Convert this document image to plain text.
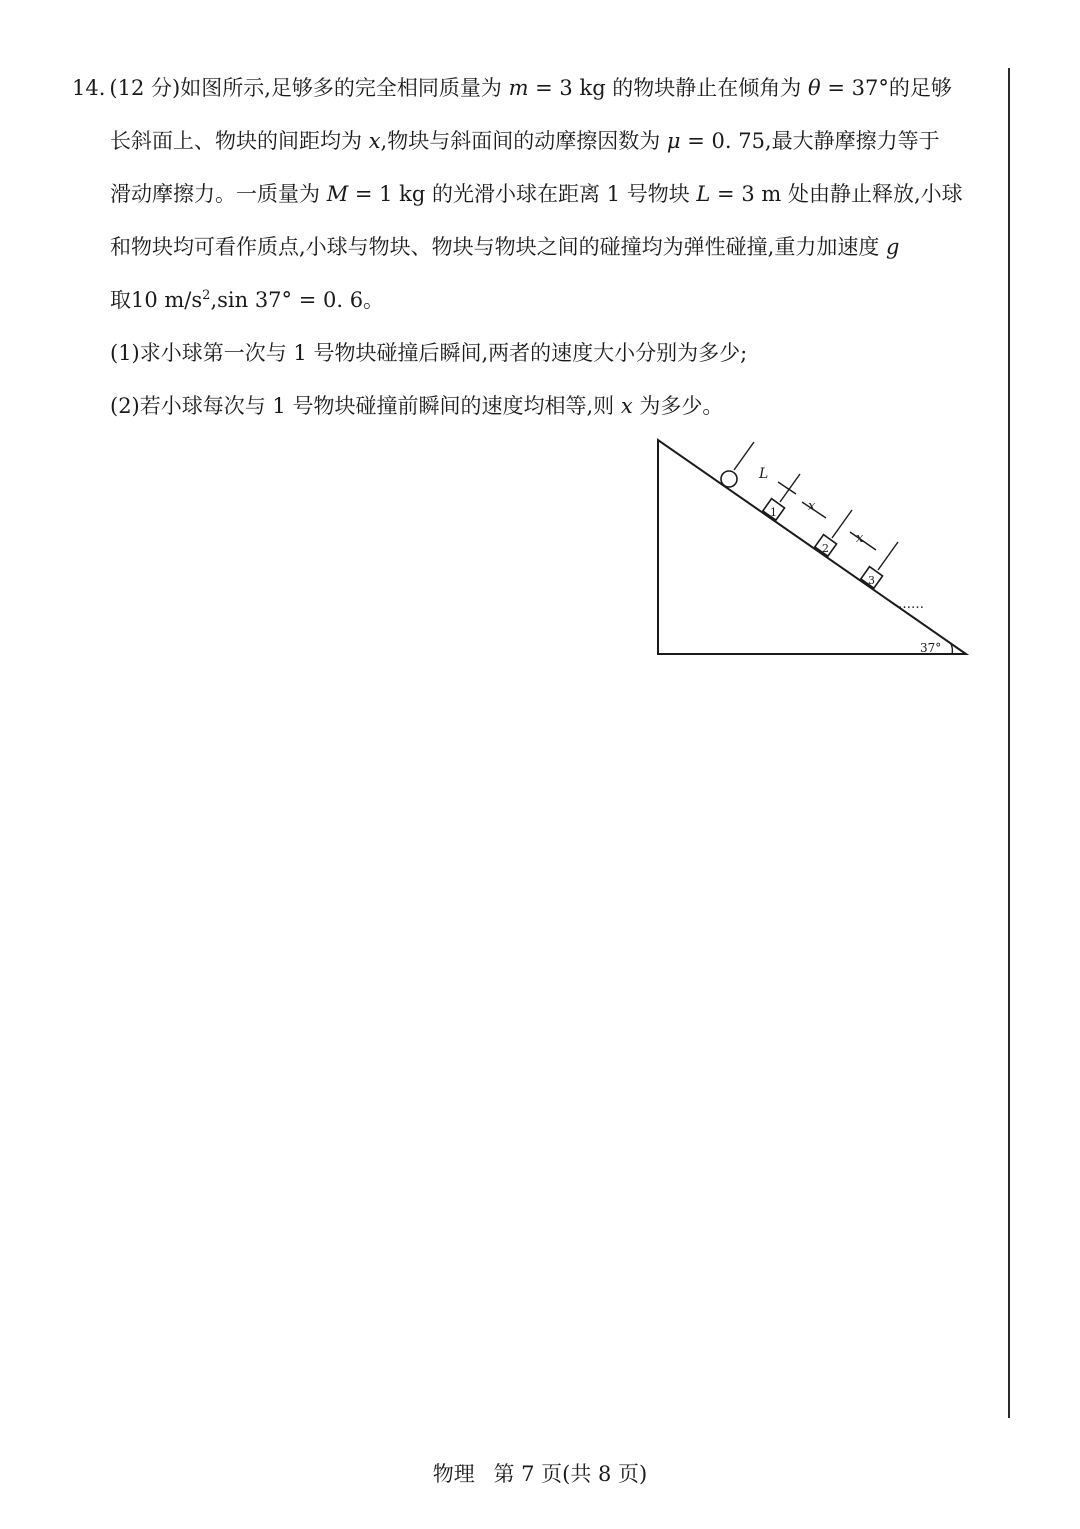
14. (12 分)如图所示,足够多的完全相同质量为 m = 3 kg 的物块静止在倾角为 θ = 37°的足够
长斜面上、物块的间距均为 x,物块与斜面间的动摩擦因数为 μ = 0. 75,最大静摩擦力等于
滑动摩擦力。一质量为 M = 1 kg 的光滑小球在距离 1 号物块 L = 3 m 处由静止释放,小球
和物块均可看作质点,小球与物块、物块与物块之间的碰撞均为弹性碰撞,重力加速度 g
取10 $m/s^2,\sin$ 37° = 0. 6。
(1)求小球第一次与 1 号物块碰撞后瞬间,两者的速度大小分别为多少;
(2)若小球每次与 1 号物块碰撞前瞬间的速度均相等,则 x 为多少。
L
x
x
1
2
3
……
37°
物理 第 7 页(共 8 页)
